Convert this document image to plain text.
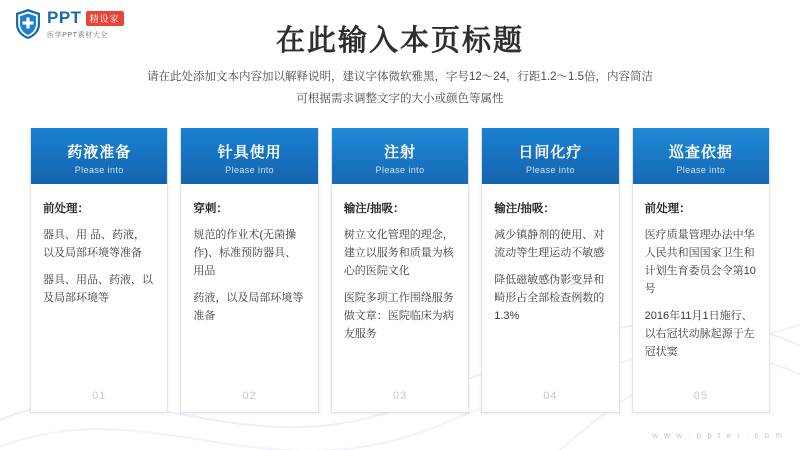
PPT 精设家
医学PPT素材大全	在此输入本页标题
请在此处添加文本内容加以解释说明，建议字体微软雅黑，字号12～24，行距1.2～1.5倍，内容简洁
可根据需求调整文字的大小或颜色等属性
药液准备
Please into
前处理：
器具、用 品、药液，以及局部环境等准备
器具、用品、药液，以及局部环境等
01
针具使用
Please into
穿刺：
规范的作业术(无菌操作)、标准预防器具、用品
药液，以及局部环境等准备
02
注射
Please into
输注/抽吸：
树立文化管理的理念，建立以服务和质量为核心的医院文化
医院多项工作围绕服务做文章：医院临床为病友服务
03
日间化疗
Please into
输注/抽吸：
减少镇静剂的使用、对流动等生理运动不敏感
降低磁敏感伪影变异和畸形占全部检查例数的1.3%
04
巡查依据
Please into
前处理：
医疗质量管理办法中华人民共和国国家卫生和计划生育委员会令第10号
2016年11月1日施行、以右冠状动脉起源于左冠状窦
05
w w w . p p t e r . c o m
